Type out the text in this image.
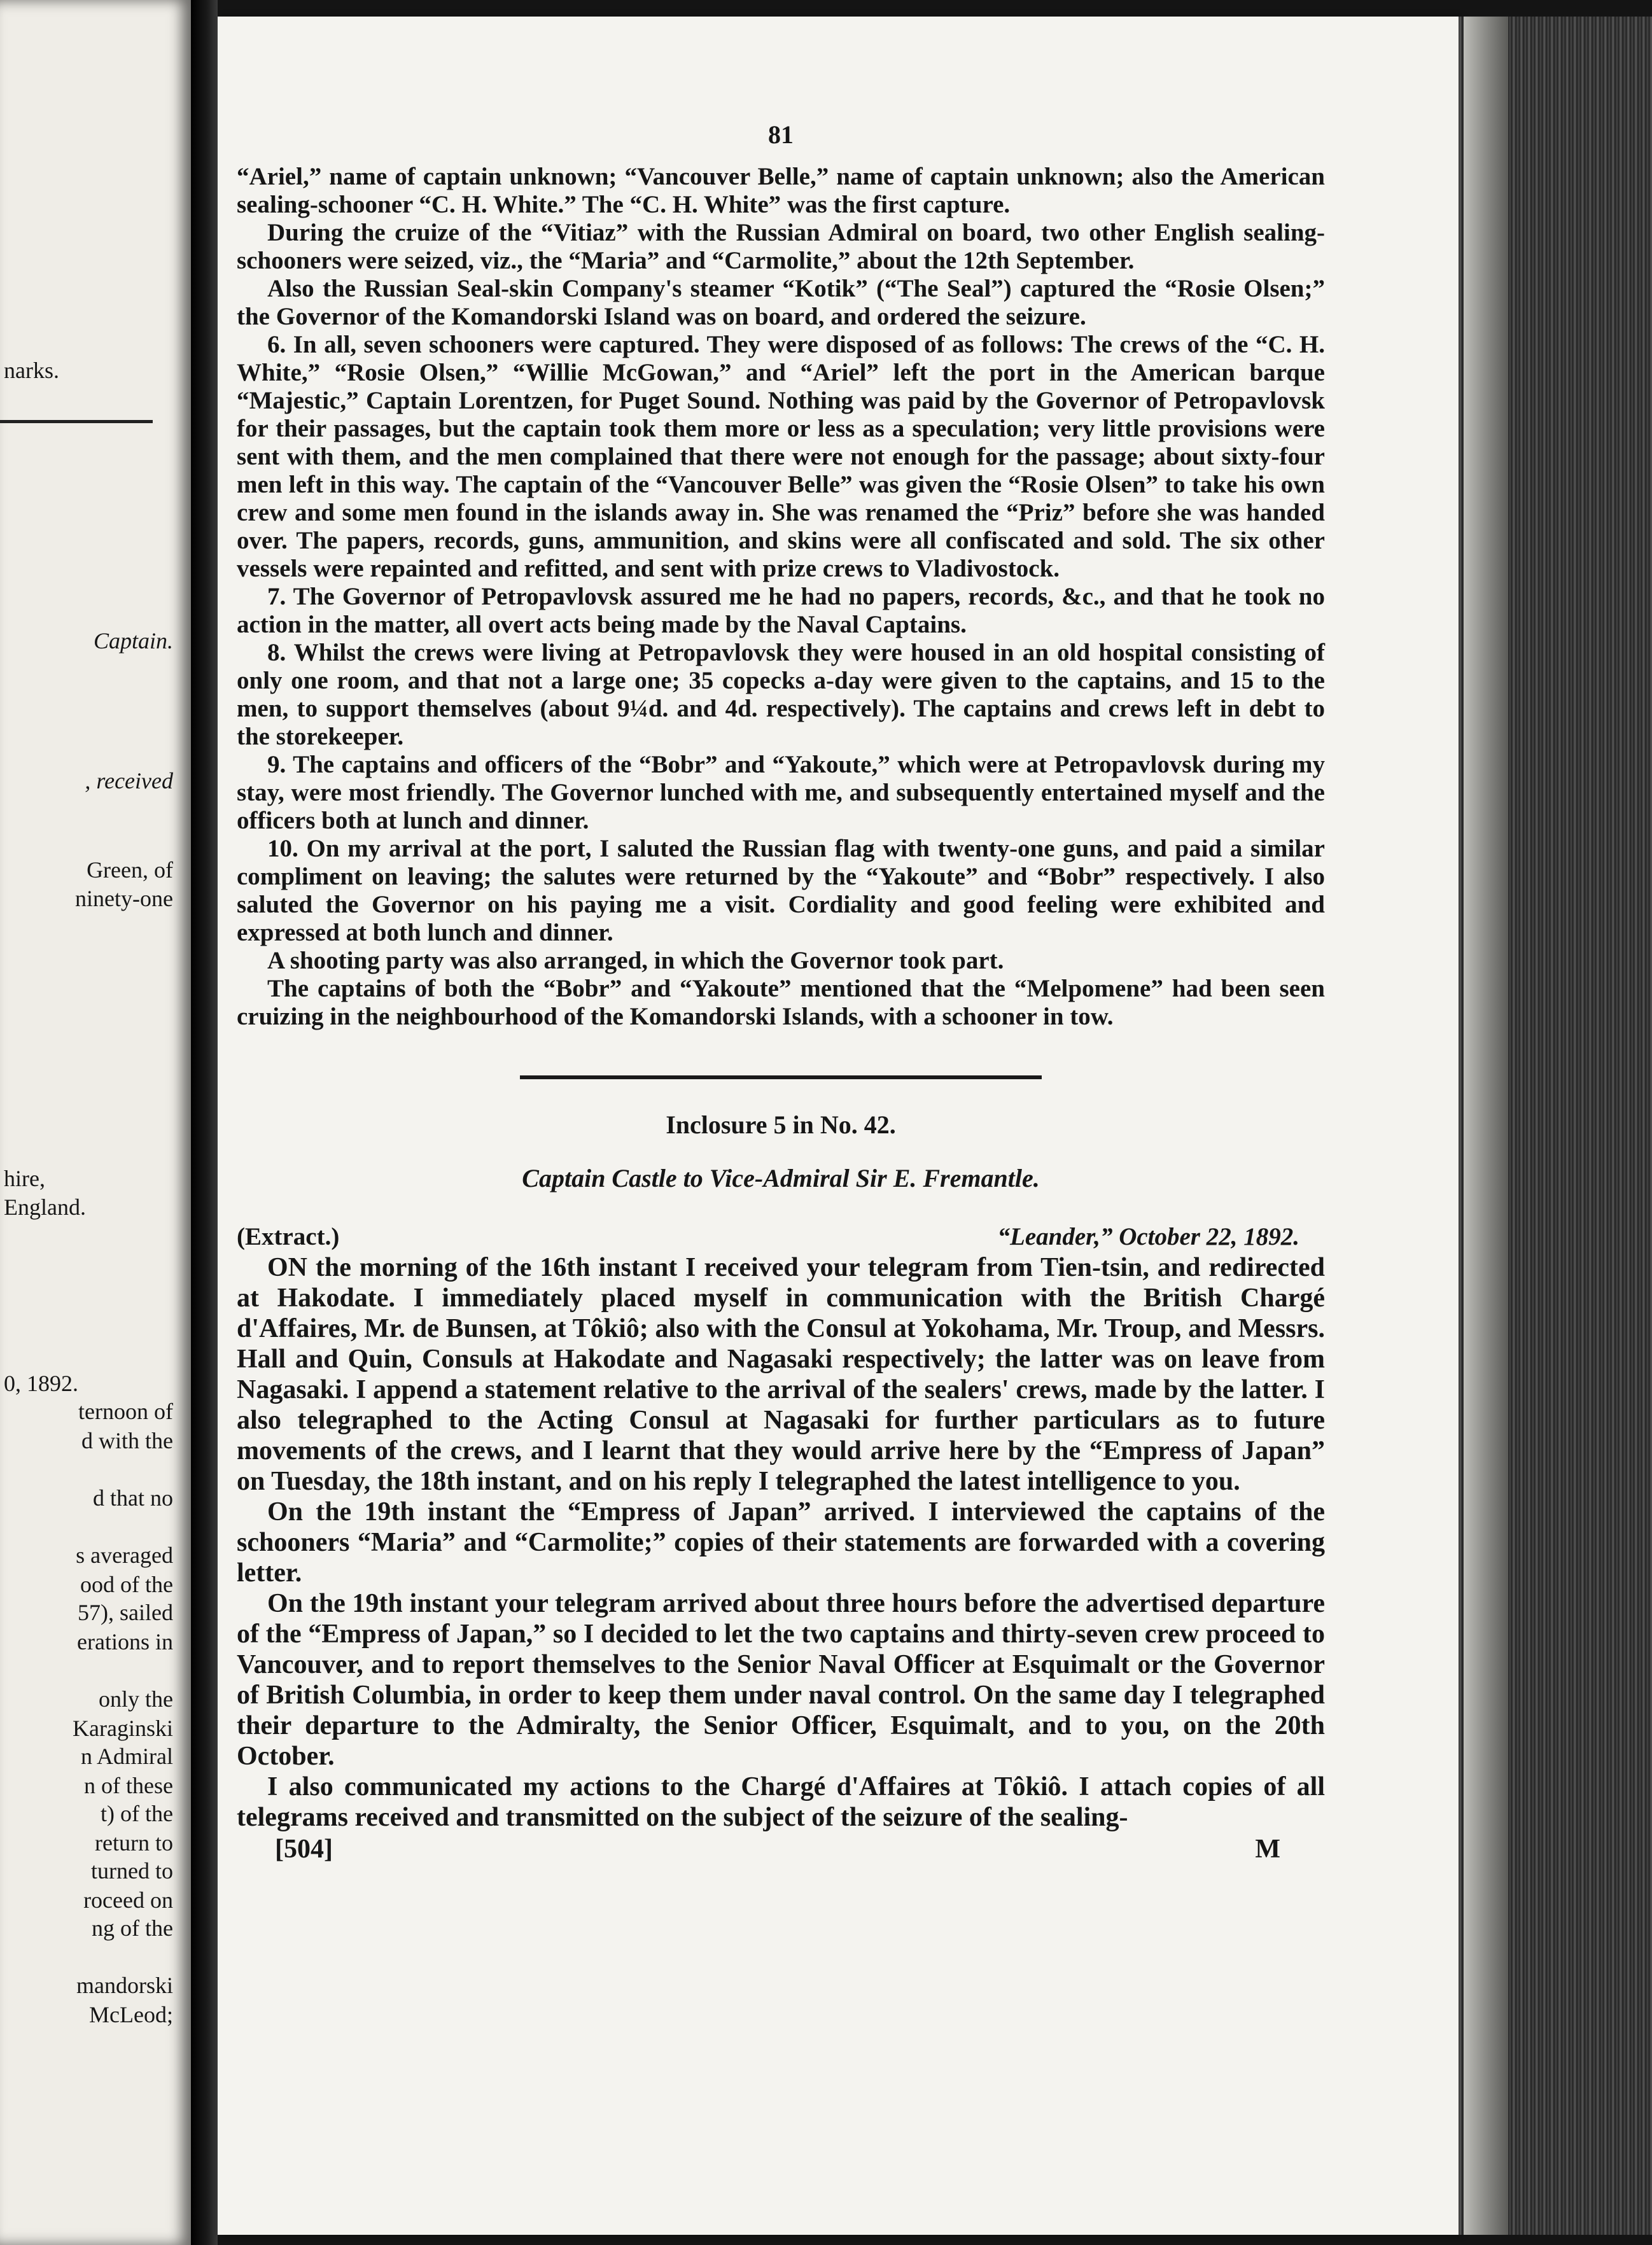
narks.
Captain.
, received
Green, of
ninety-one
hire,
England.
0, 1892.
ternoon of
d with the
d that no
s averaged
ood of the
57), sailed
erations in
only the
Karaginski
n Admiral
n of these
t) of the
return to
turned to
roceed on
ng of the
mandorski
McLeod;
81

“Ariel,” name of captain unknown; “Vancouver Belle,” name of captain unknown; also the American sealing-schooner “C. H. White.” The “C. H. White” was the first capture.

During the cruize of the “Vitiaz” with the Russian Admiral on board, two other English sealing-schooners were seized, viz., the “Maria” and “Carmolite,” about the 12th September.

Also the Russian Seal-skin Company's steamer “Kotik” (“The Seal”) captured the “Rosie Olsen;” the Governor of the Komandorski Island was on board, and ordered the seizure.

6. In all, seven schooners were captured. They were disposed of as follows: The crews of the “C. H. White,” “Rosie Olsen,” “Willie McGowan,” and “Ariel” left the port in the American barque “Majestic,” Captain Lorentzen, for Puget Sound. Nothing was paid by the Governor of Petropavlovsk for their passages, but the captain took them more or less as a speculation; very little provisions were sent with them, and the men complained that there were not enough for the passage; about sixty-four men left in this way. The captain of the “Vancouver Belle” was given the “Rosie Olsen” to take his own crew and some men found in the islands away in. She was renamed the “Priz” before she was handed over. The papers, records, guns, ammunition, and skins were all confiscated and sold. The six other vessels were repainted and refitted, and sent with prize crews to Vladivostock.

7. The Governor of Petropavlovsk assured me he had no papers, records, &c., and that he took no action in the matter, all overt acts being made by the Naval Captains.

8. Whilst the crews were living at Petropavlovsk they were housed in an old hospital consisting of only one room, and that not a large one; 35 copecks a-day were given to the captains, and 15 to the men, to support themselves (about 9¼d. and 4d. respectively). The captains and crews left in debt to the storekeeper.

9. The captains and officers of the “Bobr” and “Yakoute,” which were at Petropavlovsk during my stay, were most friendly. The Governor lunched with me, and subsequently entertained myself and the officers both at lunch and dinner.

10. On my arrival at the port, I saluted the Russian flag with twenty-one guns, and paid a similar compliment on leaving; the salutes were returned by the “Yakoute” and “Bobr” respectively. I also saluted the Governor on his paying me a visit. Cordiality and good feeling were exhibited and expressed at both lunch and dinner.

A shooting party was also arranged, in which the Governor took part.

The captains of both the “Bobr” and “Yakoute” mentioned that the “Melpomene” had been seen cruizing in the neighbourhood of the Komandorski Islands, with a schooner in tow.

Inclosure 5 in No. 42.
Captain Castle to Vice-Admiral Sir E. Fremantle.
(Extract.)	“Leander,” October 22, 1892.

ON the morning of the 16th instant I received your telegram from Tien-tsin, and redirected at Hakodate. I immediately placed myself in communication with the British Chargé d'Affaires, Mr. de Bunsen, at Tôkiô; also with the Consul at Yokohama, Mr. Troup, and Messrs. Hall and Quin, Consuls at Hakodate and Nagasaki respectively; the latter was on leave from Nagasaki. I append a statement relative to the arrival of the sealers' crews, made by the latter. I also telegraphed to the Acting Consul at Nagasaki for further particulars as to future movements of the crews, and I learnt that they would arrive here by the “Empress of Japan” on Tuesday, the 18th instant, and on his reply I telegraphed the latest intelligence to you.

On the 19th instant the “Empress of Japan” arrived. I interviewed the captains of the schooners “Maria” and “Carmolite;” copies of their statements are forwarded with a covering letter.

On the 19th instant your telegram arrived about three hours before the advertised departure of the “Empress of Japan,” so I decided to let the two captains and thirty-seven crew proceed to Vancouver, and to report themselves to the Senior Naval Officer at Esquimalt or the Governor of British Columbia, in order to keep them under naval control. On the same day I telegraphed their departure to the Admiralty, the Senior Officer, Esquimalt, and to you, on the 20th October.

I also communicated my actions to the Chargé d'Affaires at Tôkiô. I attach copies of all telegrams received and transmitted on the subject of the seizure of the sealing-

[504]	M
